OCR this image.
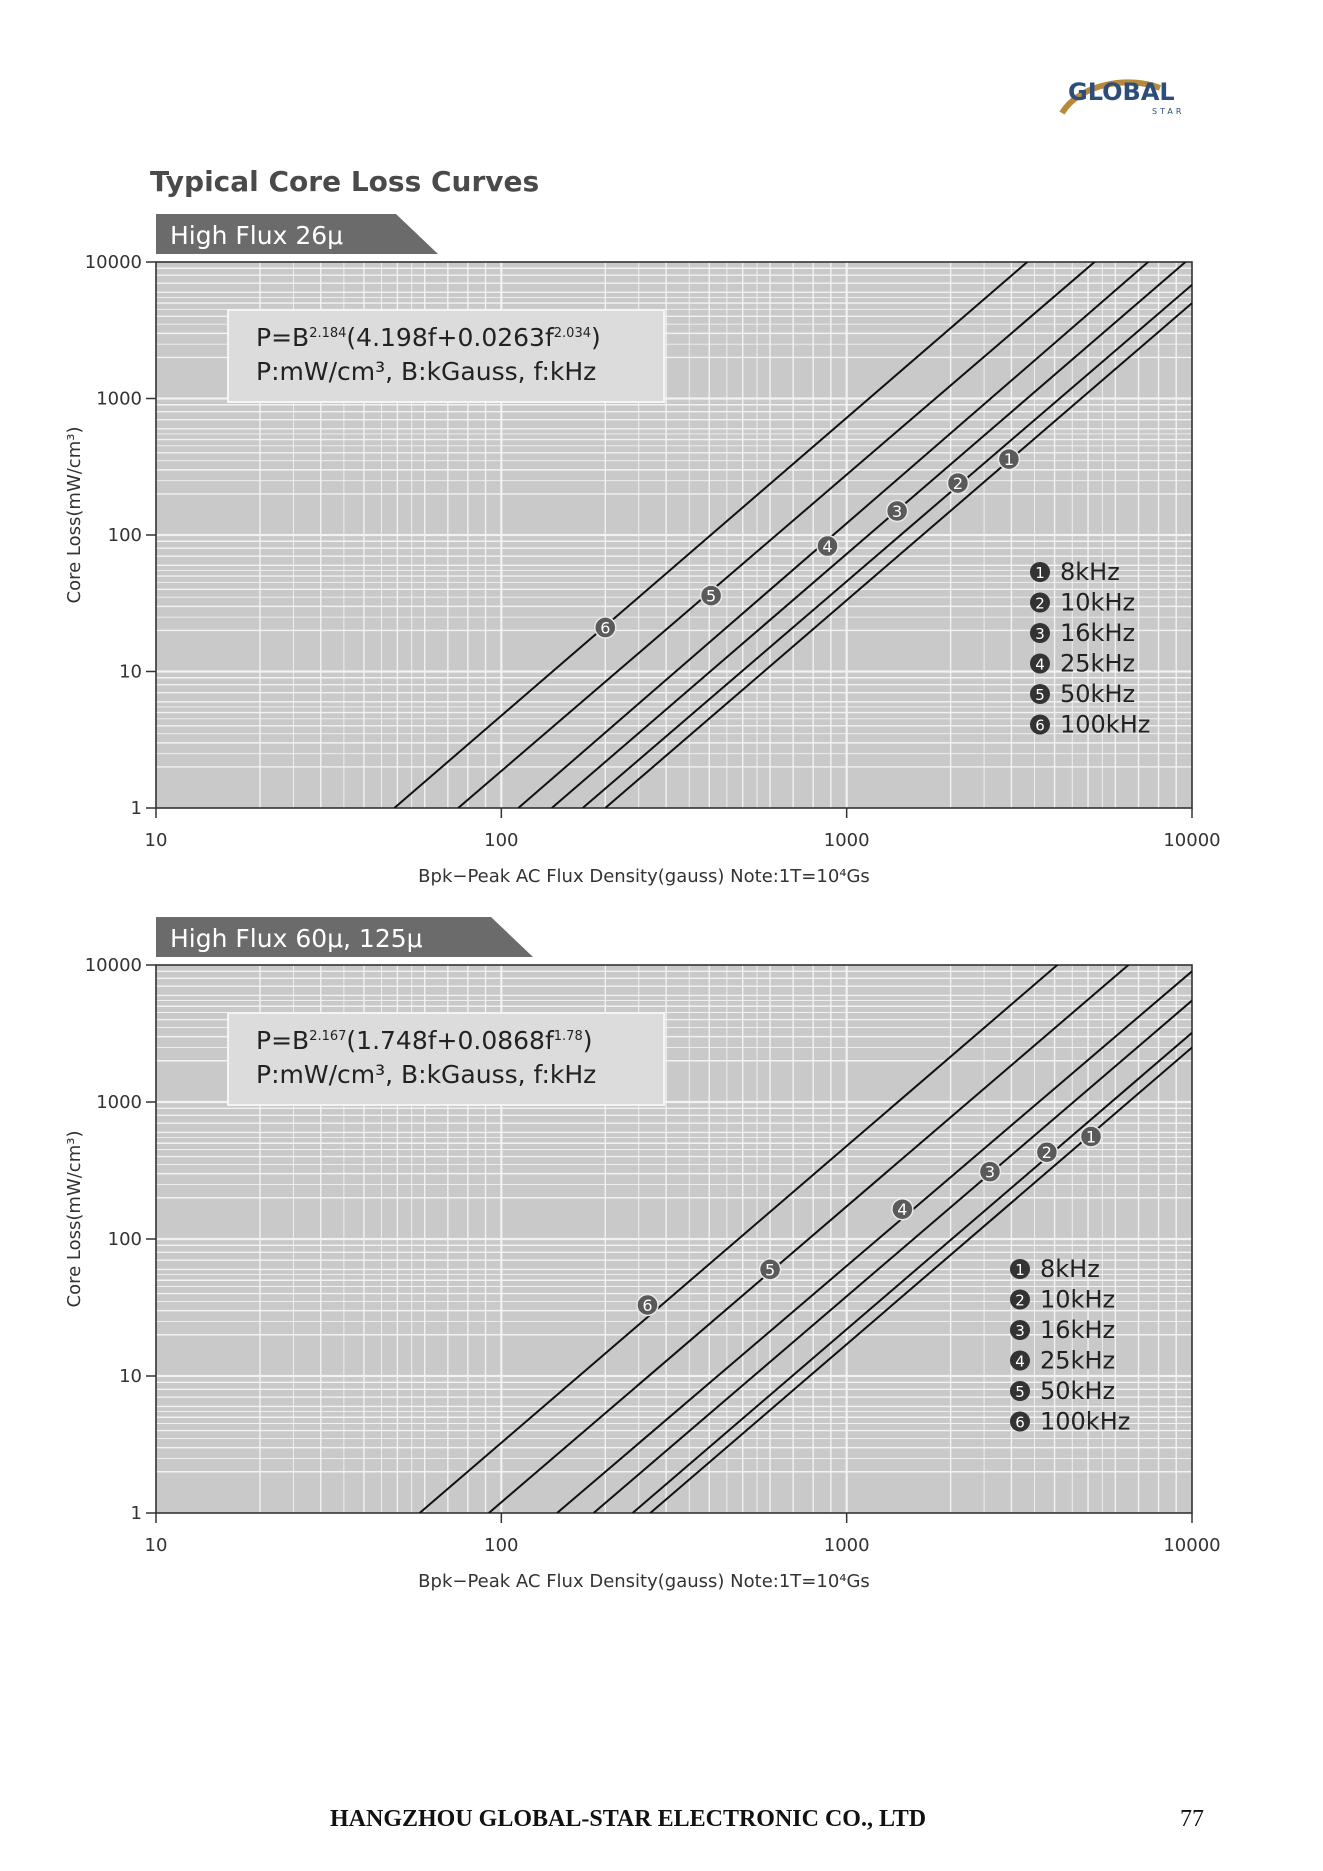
GLOBAL
STAR
Typical Core Loss Curves
High Flux 26μ
P=B2.184(4.198f+0.0263f2.034)
P:mW/cm³, B:kGauss, f:kHz
1
2
3
4
5
6
1 8kHz
2 10kHz
3 16kHz
4 25kHz
5 50kHz
6 100kHz
1
10
100
1000
10000
10	100	1000	10000
Bpk−Peak AC Flux Density(gauss) Note:1T=10⁴Gs
Core Loss(mW/cm³)
High Flux 60μ, 125μ
P=B2.167(1.748f+0.0868f1.78)
P:mW/cm³, B:kGauss, f:kHz
1
2
3
4
5
6
1 8kHz
2 10kHz
3 16kHz
4 25kHz
5 50kHz
6 100kHz
1
10
100
1000
10000
10	100	1000	10000
Bpk−Peak AC Flux Density(gauss) Note:1T=10⁴Gs
Core Loss(mW/cm³)
HANGZHOU GLOBAL-STAR ELECTRONIC CO., LTD	77
